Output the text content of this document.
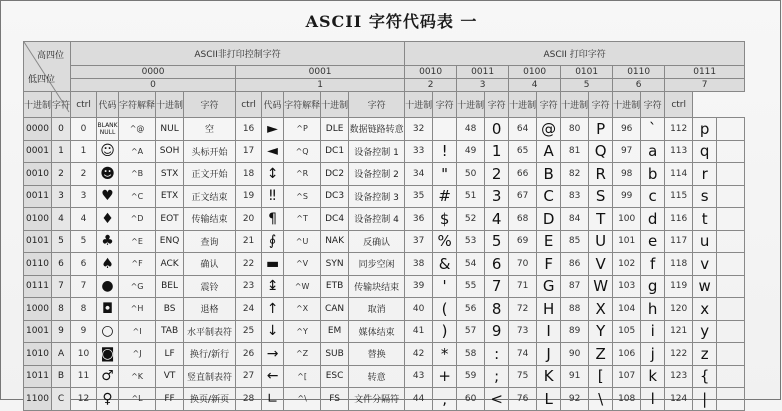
ASCII 字符代码表 一
高四位
低四位		ASCII非打印控制字符										ASCII 打印字符												
		0000					0001					0010		0011		0100		0101		0110		0111		
		0					1					2		3		4		5		6		7		
十进制	字符	ctrl	代码	字符解释	十进制	字符	ctrl	代码	字符解释	十进制	字符	十进制	字符	十进制	字符	十进制	字符	十进制	字符	十进制	字符	ctrl		
0000	0	0	BLANK NULL	^@	NUL	空	16	►	^P	DLE	数据链路转意	32		48	0	64	@	80	P	96	`	112	p	
0001	1	1	☺	^A	SOH	头标开始	17	◄	^Q	DC1	设备控制 1	33	!	49	1	65	A	81	Q	97	a	113	q	
0010	2	2	☻	^B	STX	正文开始	18	↕	^R	DC2	设备控制 2	34	"	50	2	66	B	82	R	98	b	114	r	
0011	3	3	♥	^C	ETX	正文结束	19	‼	^S	DC3	设备控制 3	35	#	51	3	67	C	83	S	99	c	115	s	
0100	4	4	♦	^D	EOT	传输结束	20	¶	^T	DC4	设备控制 4	36	$	52	4	68	D	84	T	100	d	116	t	
0101	5	5	♣	^E	ENQ	查询	21	∮	^U	NAK	反确认	37	%	53	5	69	E	85	U	101	e	117	u	
0110	6	6	♠	^F	ACK	确认	22	▬	^V	SYN	同步空闲	38	&	54	6	70	F	86	V	102	f	118	v	
0111	7	7	●	^G	BEL	震铃	23	↨	^W	ETB	传输块结束	39	'	55	7	71	G	87	W	103	g	119	w	
1000	8	8	◘	^H	BS	退格	24	↑	^X	CAN	取消	40	(	56	8	72	H	88	X	104	h	120	x	
1001	9	9	○	^I	TAB	水平制表符	25	↓	^Y	EM	媒体结束	41	)	57	9	73	I	89	Y	105	i	121	y	
1010	A	10	◙	^J	LF	换行/新行	26	→	^Z	SUB	替换	42	*	58	:	74	J	90	Z	106	j	122	z	
1011	B	11	♂	^K	VT	竖直制表符	27	←	^[	ESC	转意	43	+	59	;	75	K	91	[	107	k	123	{	
1100	C	12	♀	^L	FF	换页/新页	28	∟	^\	FS	文件分隔符	44	,	60	<	76	L	92	\	108	l	124	|	
